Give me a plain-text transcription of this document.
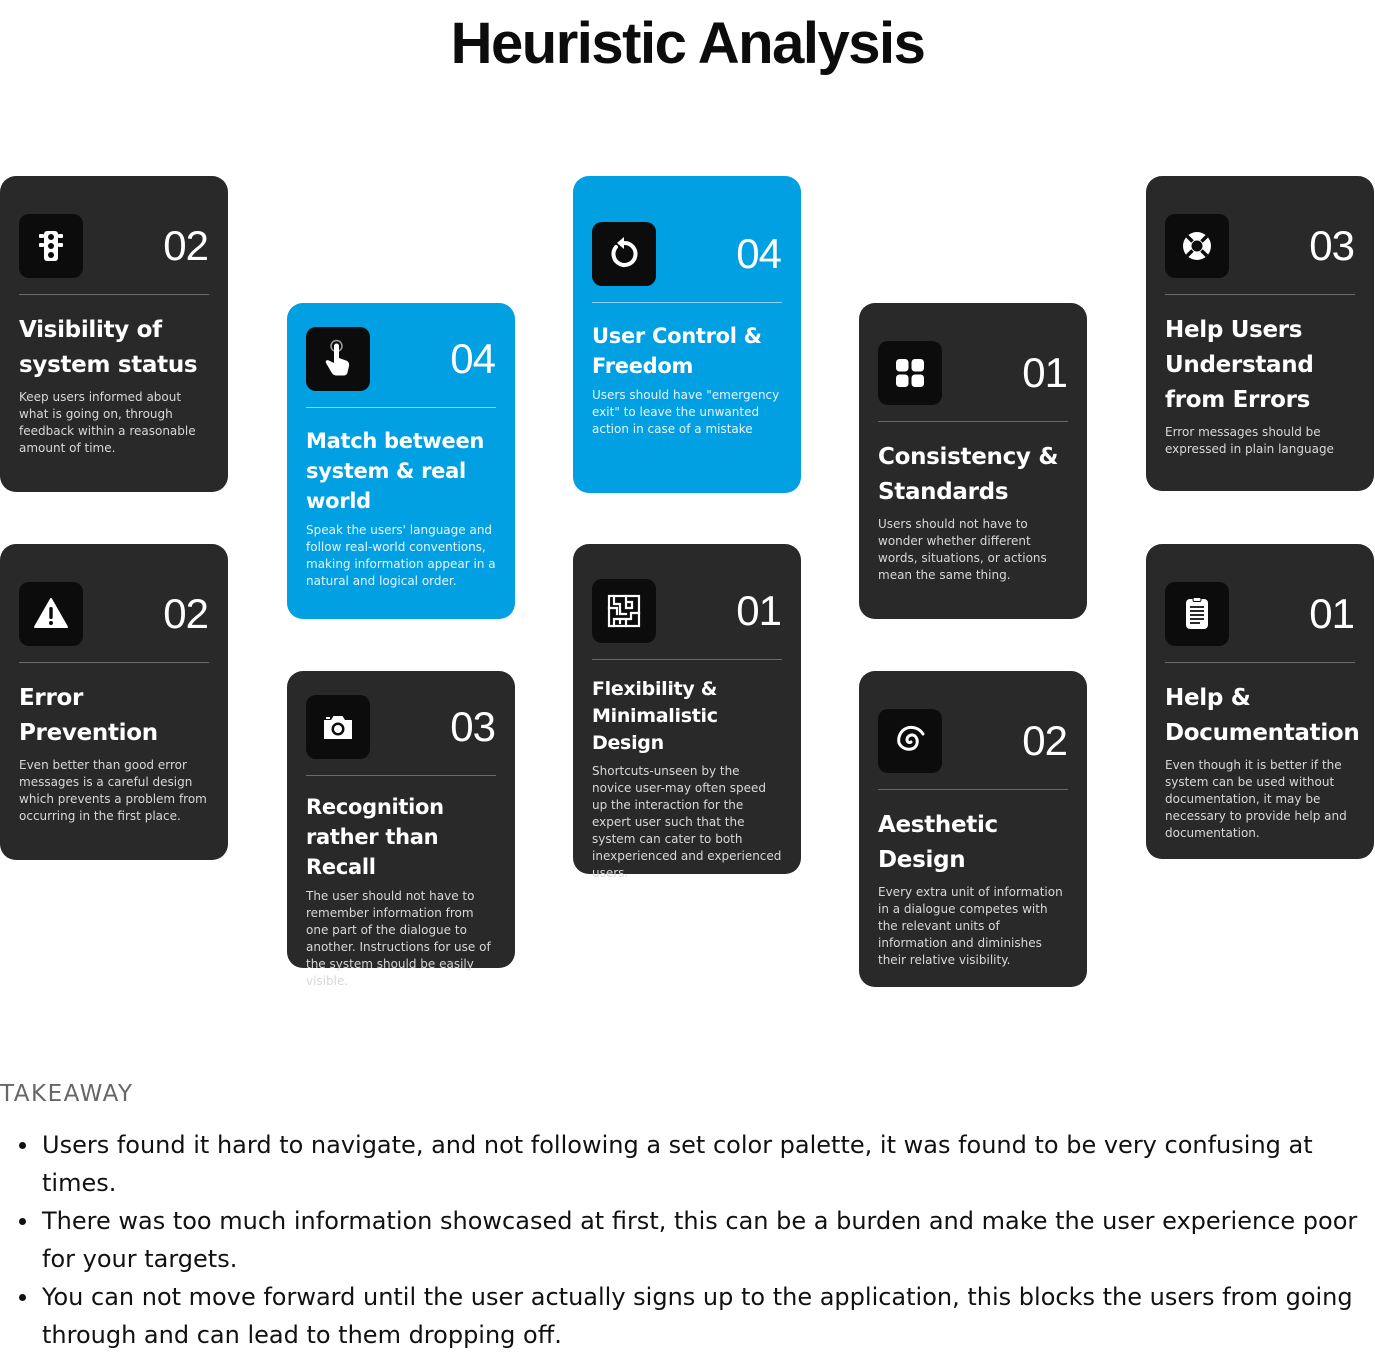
Heuristic Analysis
02
Visibility of system status

Keep users informed about what is going on, through feedback within a reasonable amount of time.

02
Error Prevention

Even better than good error messages is a careful design which prevents a problem from occurring in the first place.

04
Match between system & real world

Speak the users' language and follow real-world conventions, making information appear in a natural and logical order.

03
Recognition rather than Recall

The user should not have to remember information from one part of the dialogue to another. Instructions for use of the system should be easily visible.

04
User Control & Freedom

Users should have "emergency exit" to leave the unwanted action in case of a mistake

01
Flexibility & Minimalistic Design

Shortcuts-unseen by the novice user-may often speed up the interaction for the expert user such that the system can cater to both inexperienced and experienced users.

01
Consistency & Standards

Users should not have to wonder whether different words, situations, or actions mean the same thing.

02
Aesthetic Design

Every extra unit of information in a dialogue competes with the relevant units of information and diminishes their relative visibility.

03
Help Users Understand from Errors

Error messages should be expressed in plain language

01
Help & Documentation

Even though it is better if the system can be used without documentation, it may be necessary to provide help and documentation.

TAKEAWAY
Users found it hard to navigate, and not following a set color palette, it was found to be very confusing at times.
There was too much information showcased at first, this can be a burden and make the user experience poor for your targets.
You can not move forward until the user actually signs up to the application, this blocks the users from going through and can lead to them dropping off.
